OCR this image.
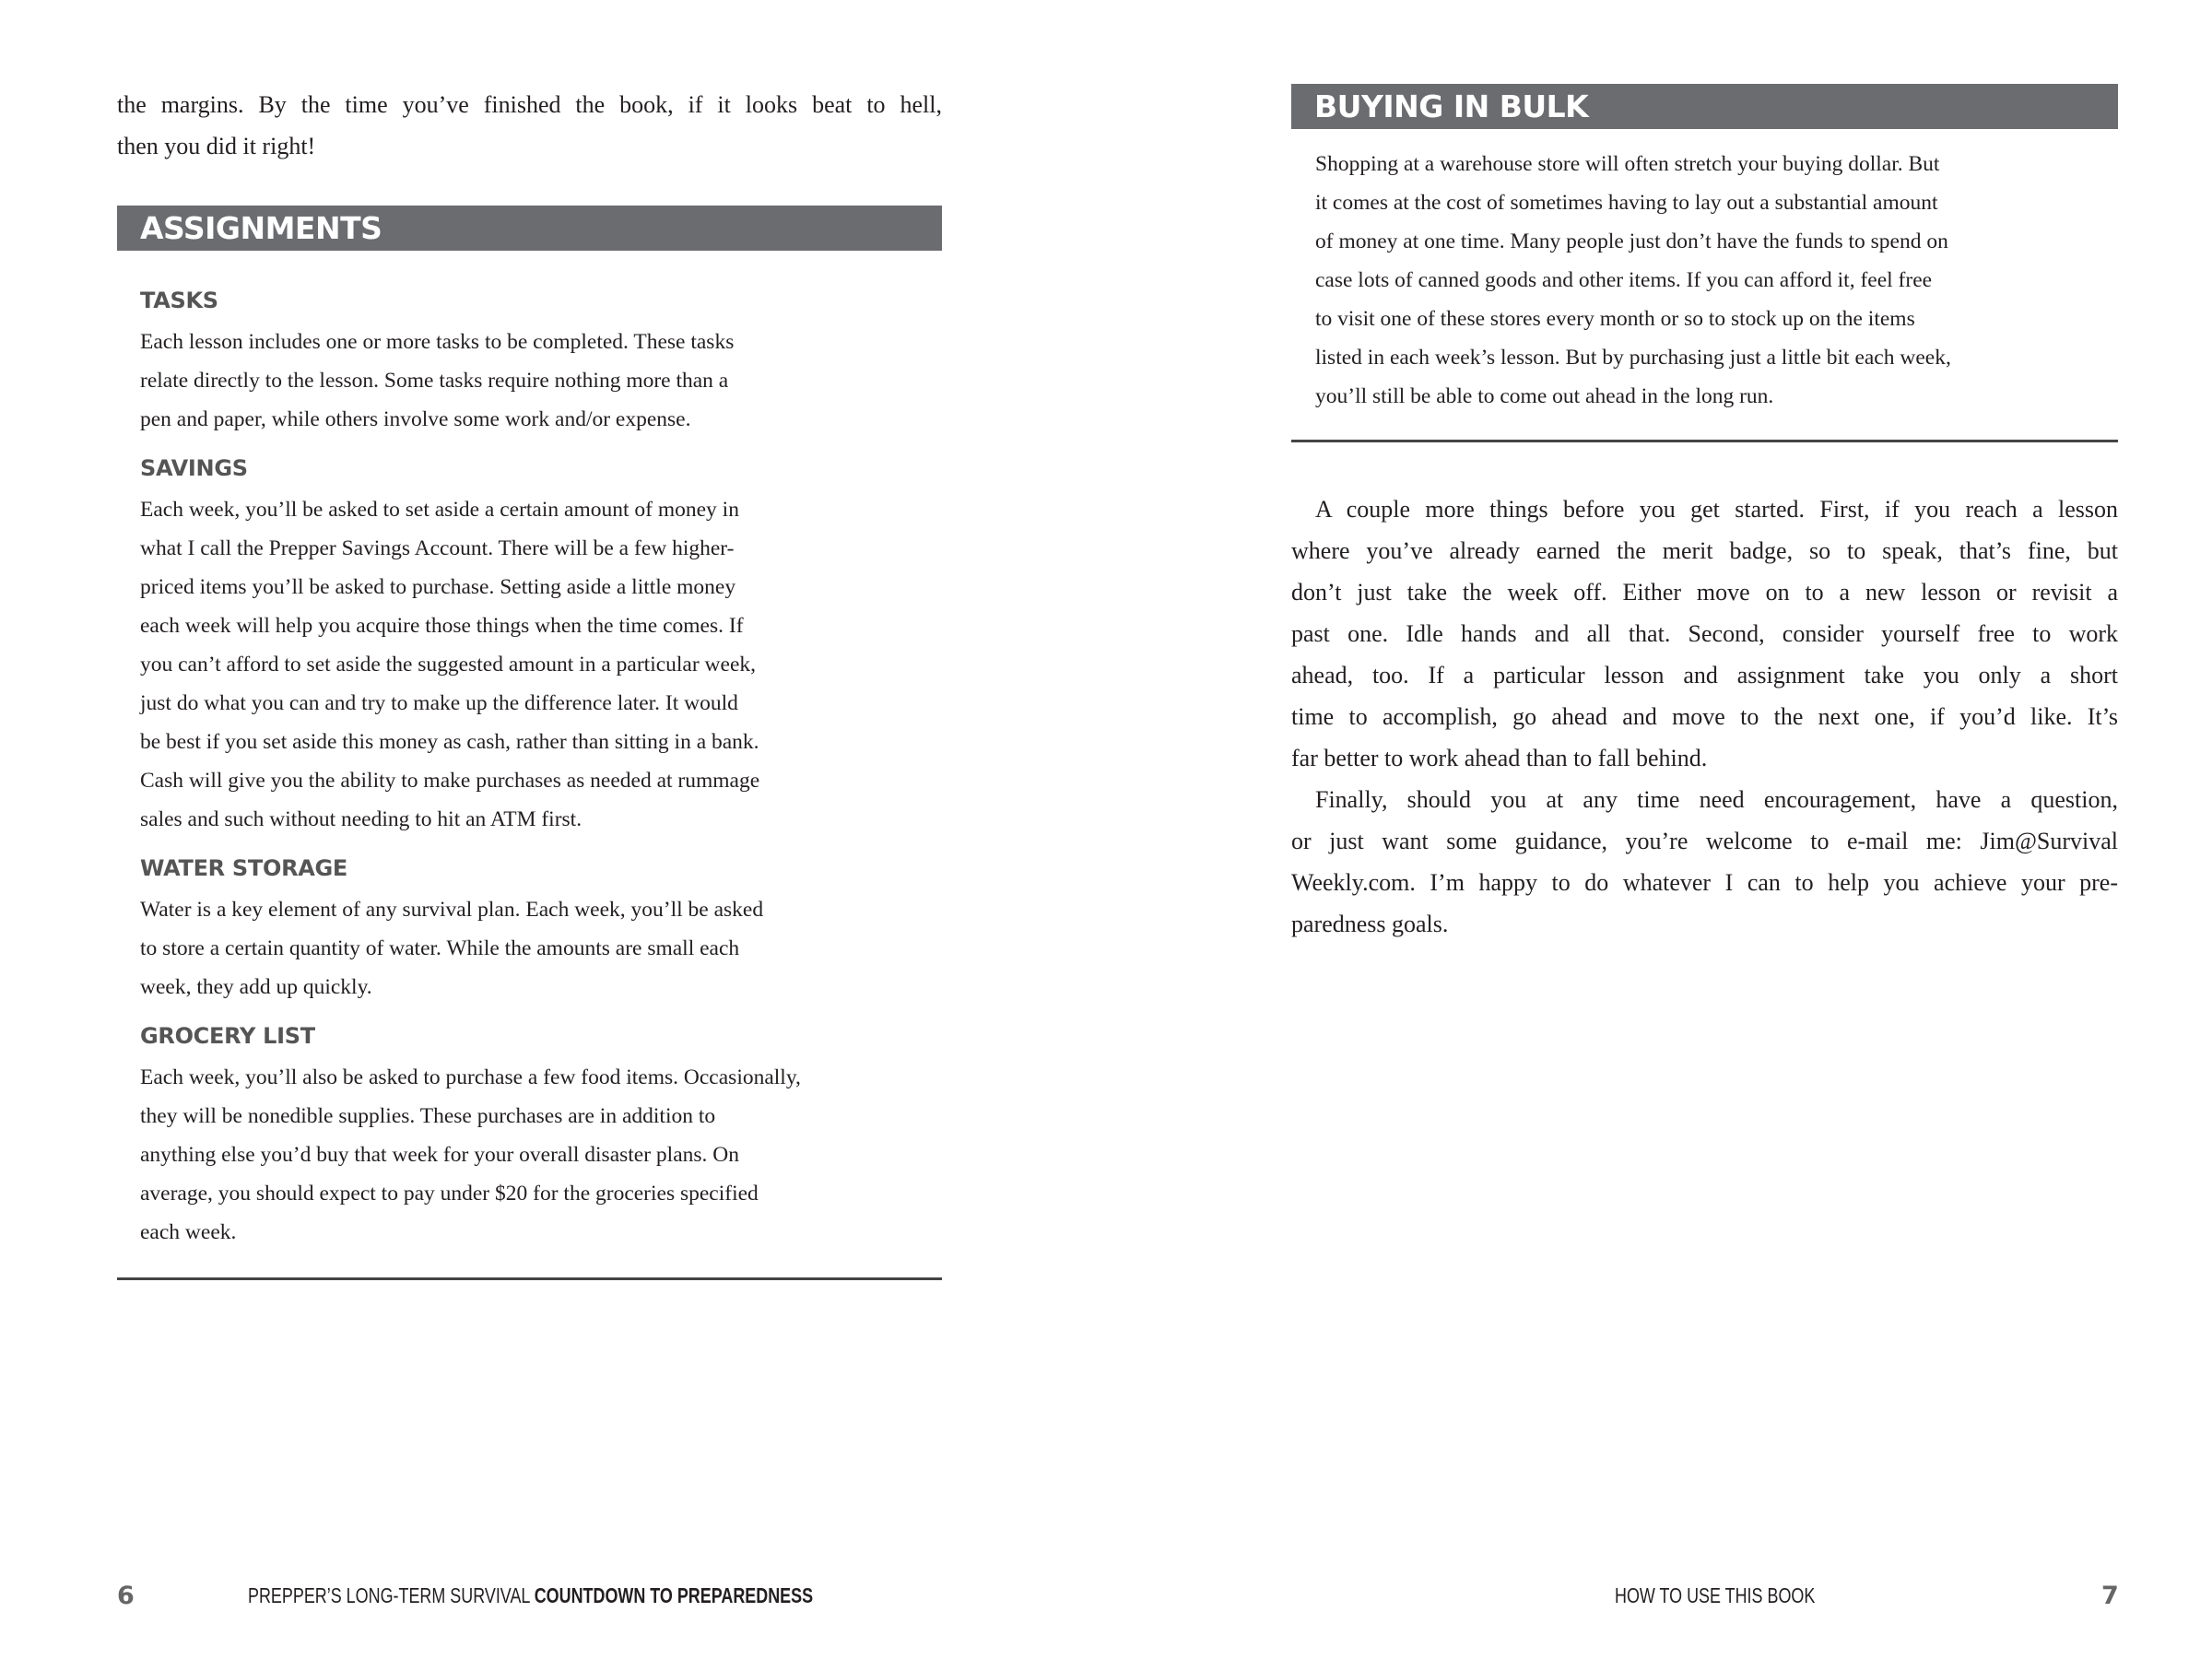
the margins. By the time you’ve finished the book, if it looks beat to hell,
then you did it right!
ASSIGNMENTS
TASKS
Each lesson includes one or more tasks to be completed. These tasks
relate directly to the lesson. Some tasks require nothing more than a
pen and paper, while others involve some work and/or expense.
SAVINGS
Each week, you’ll be asked to set aside a certain amount of money in
what I call the Prepper Savings Account. There will be a few higher-
priced items you’ll be asked to purchase. Setting aside a little money
each week will help you acquire those things when the time comes. If
you can’t afford to set aside the suggested amount in a particular week,
just do what you can and try to make up the difference later. It would
be best if you set aside this money as cash, rather than sitting in a bank.
Cash will give you the ability to make purchases as needed at rummage
sales and such without needing to hit an ATM first.
WATER STORAGE
Water is a key element of any survival plan. Each week, you’ll be asked
to store a certain quantity of water. While the amounts are small each
week, they add up quickly.
GROCERY LIST
Each week, you’ll also be asked to purchase a few food items. Occasionally,
they will be nonedible supplies. These purchases are in addition to
anything else you’d buy that week for your overall disaster plans. On
average, you should expect to pay under $20 for the groceries specified
each week.
6	PREPPER’S LONG-TERM SURVIVAL COUNTDOWN TO PREPAREDNESS
BUYING IN BULK
Shopping at a warehouse store will often stretch your buying dollar. But
it comes at the cost of sometimes having to lay out a substantial amount
of money at one time. Many people just don’t have the funds to spend on
case lots of canned goods and other items. If you can afford it, feel free
to visit one of these stores every month or so to stock up on the items
listed in each week’s lesson. But by purchasing just a little bit each week,
you’ll still be able to come out ahead in the long run.
 A couple more things before you get started. First, if you reach a lesson
where you’ve already earned the merit badge, so to speak, that’s fine, but
don’t just take the week off. Either move on to a new lesson or revisit a
past one. Idle hands and all that. Second, consider yourself free to work
ahead, too. If a particular lesson and assignment take you only a short
time to accomplish, go ahead and move to the next one, if you’d like. It’s
far better to work ahead than to fall behind.
 Finally, should you at any time need encouragement, have a question,
or just want some guidance, you’re welcome to e-mail me: Jim@Survival
Weekly.com. I’m happy to do whatever I can to help you achieve your pre-
paredness goals.
HOW TO USE THIS BOOK	7
